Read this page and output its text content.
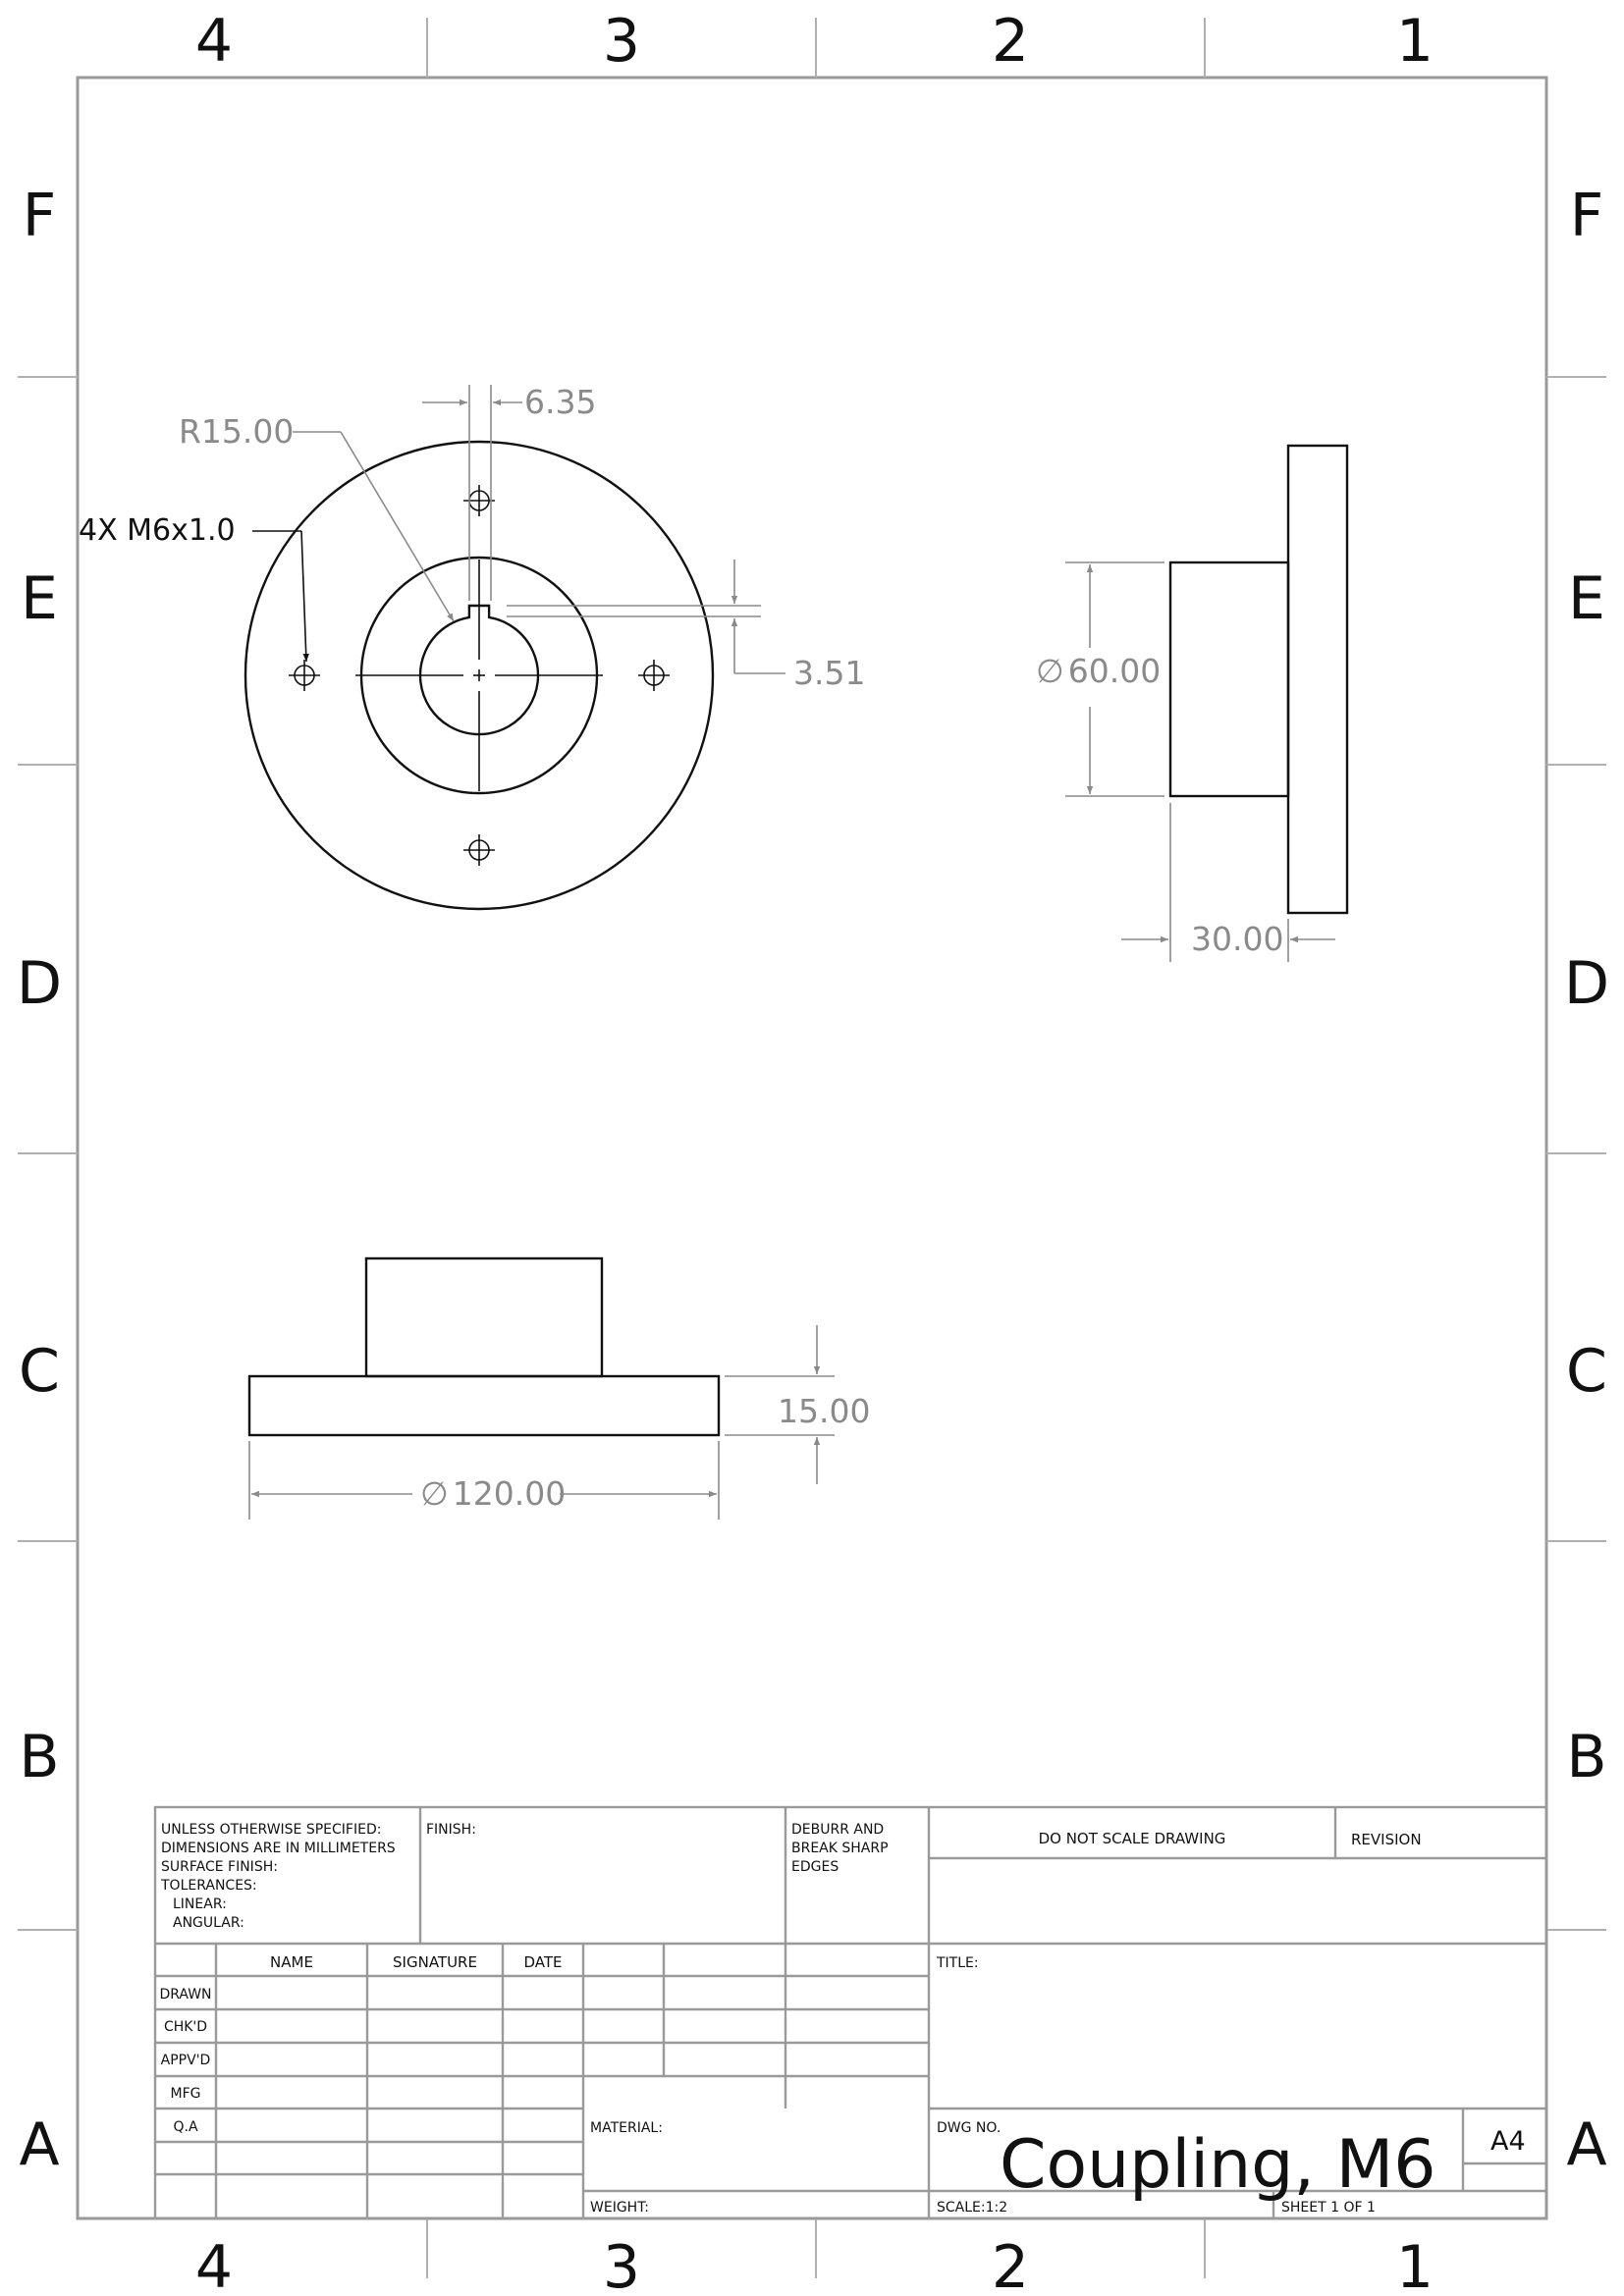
4	3	2	1
4	3	2	1
F
E
D
C
B
A
F
E
D
C
B
A
6.35
R15.00
3.51
4X M6x1.0
∅ 60.00
30.00
15.00
∅ 120.00
UNLESS OTHERWISE SPECIFIED:
DIMENSIONS ARE IN MILLIMETERS
SURFACE FINISH:
TOLERANCES:
LINEAR:
ANGULAR:
FINISH:	DEBURR AND
BREAK SHARP
EDGES
DO NOT SCALE DRAWING	REVISION
NAME	SIGNATURE	DATE
DRAWN
CHK'D
APPV'D
MFG
Q.A
TITLE:
MATERIAL:
WEIGHT:
DWG NO.
Coupling, M6 A4
SCALE:1:2	SHEET 1 OF 1
